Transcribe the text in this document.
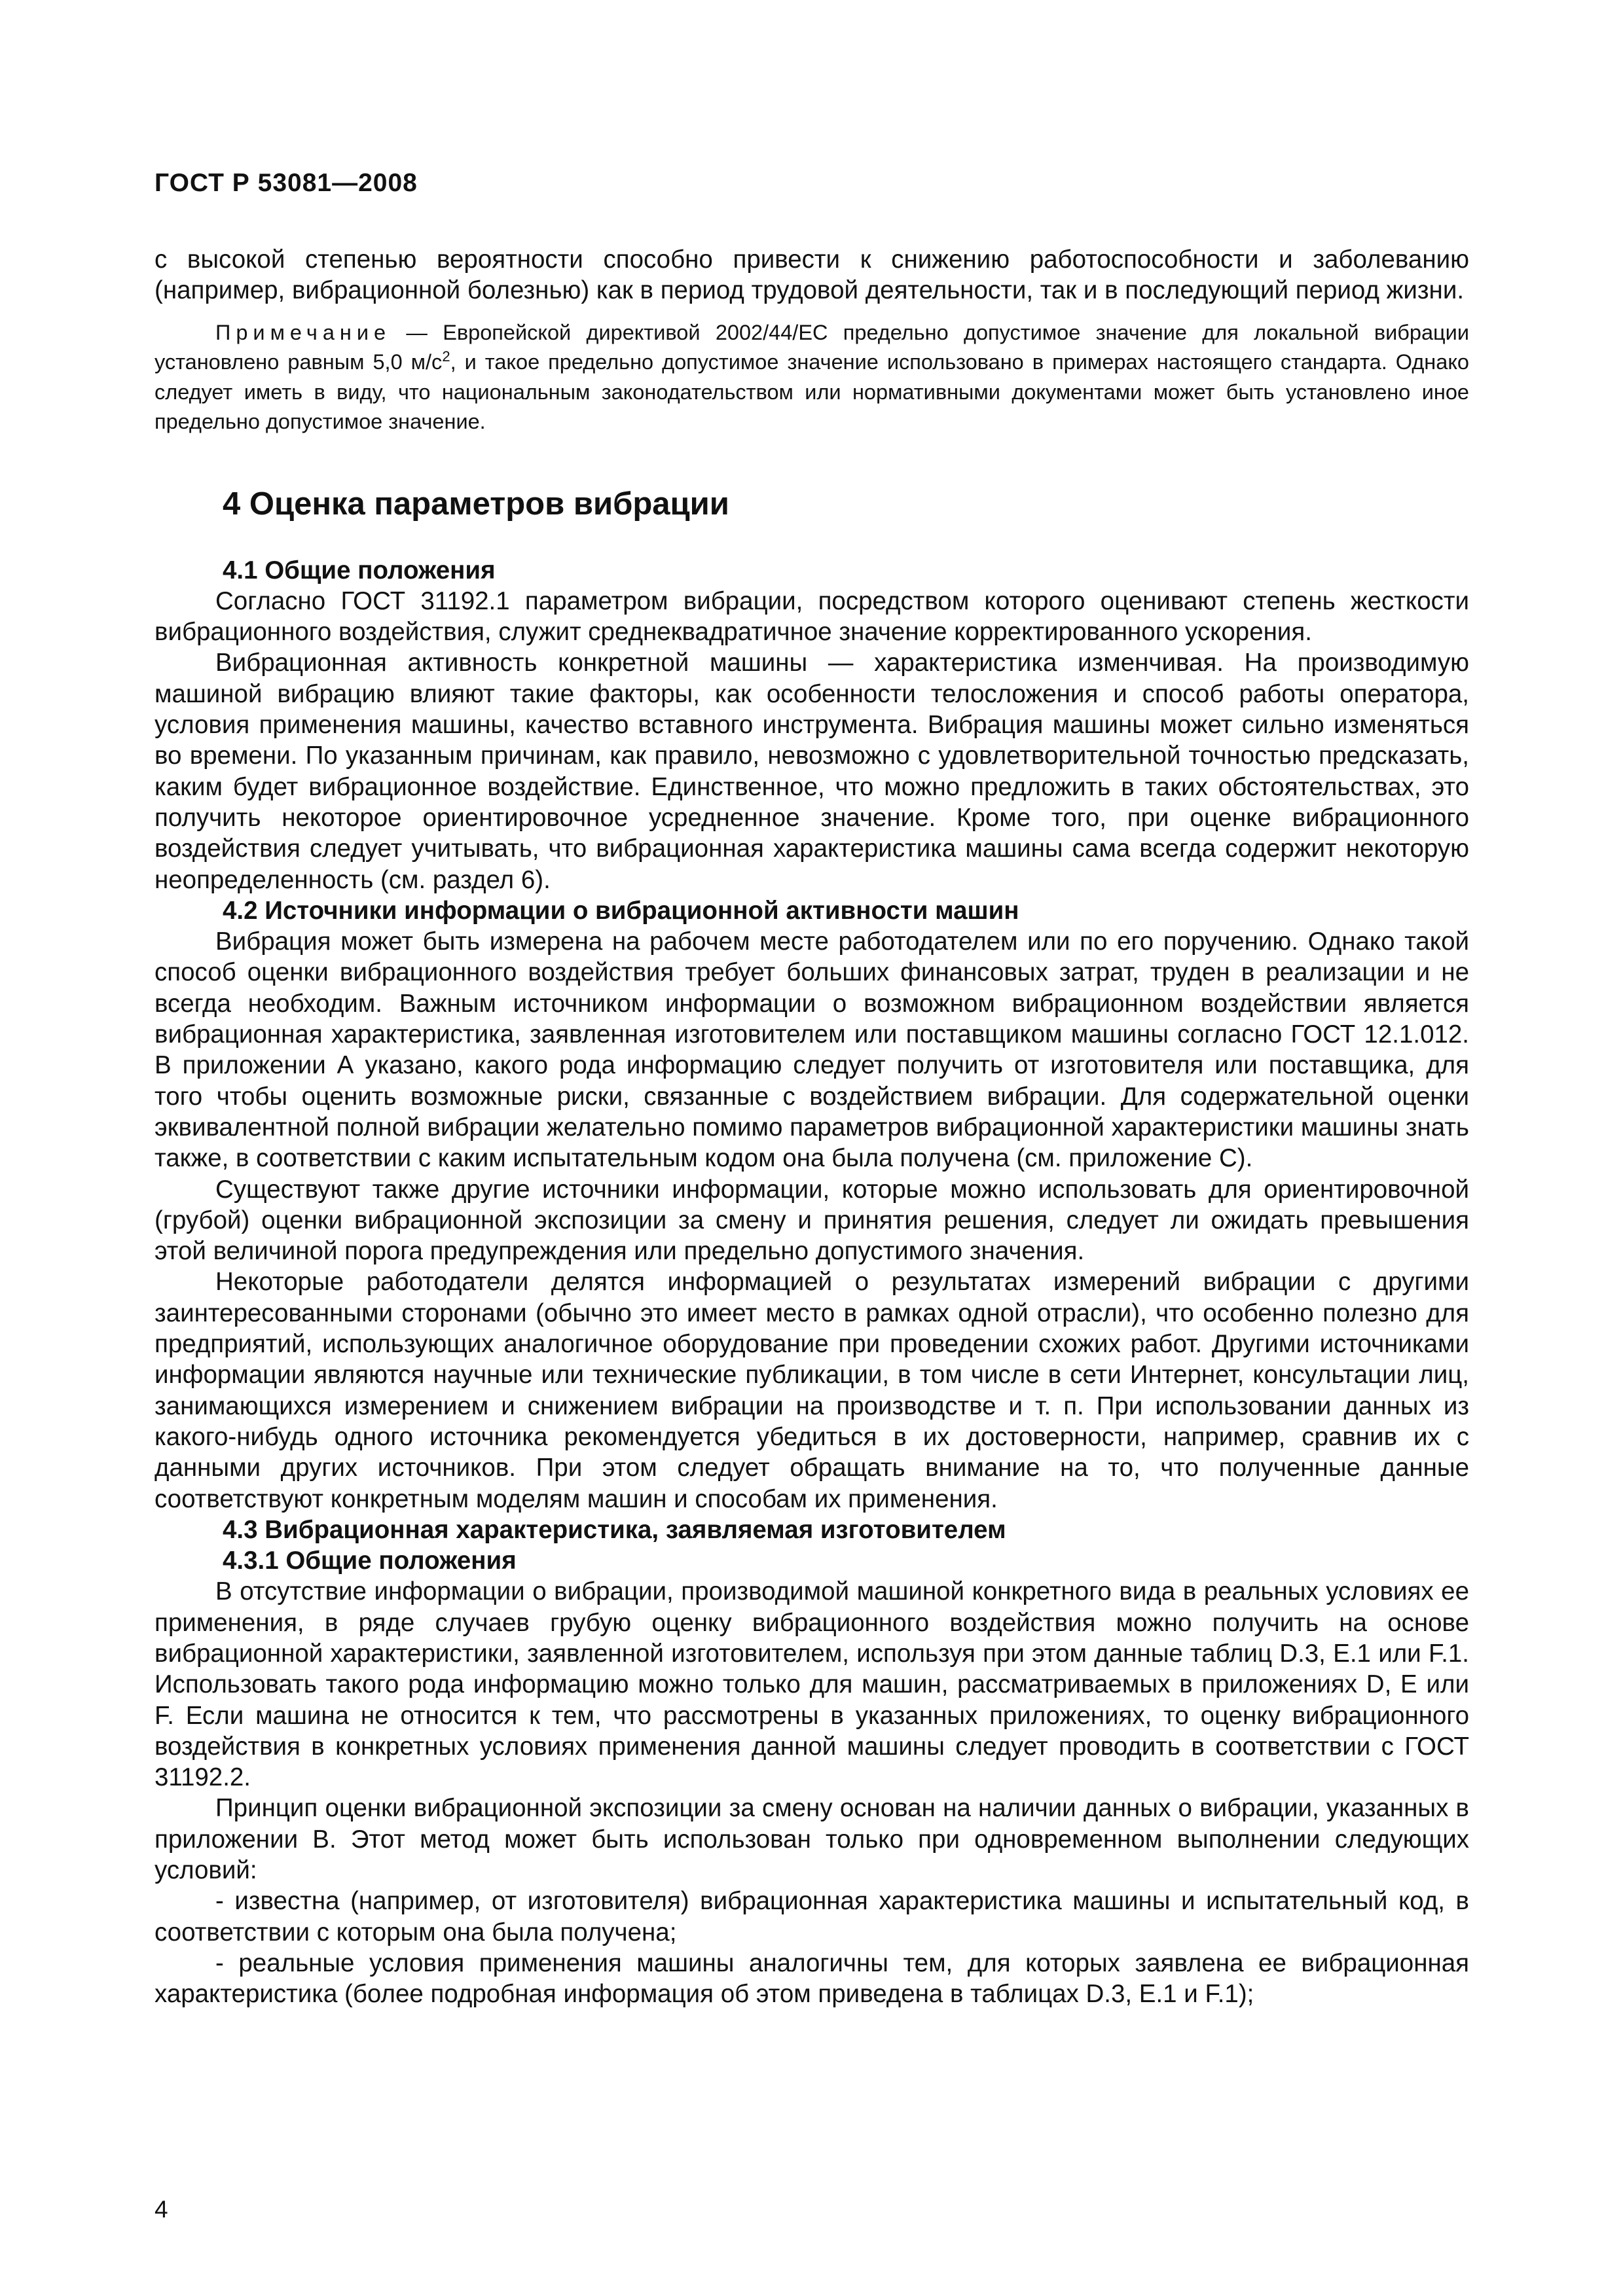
ГОСТ Р 53081—2008

с высокой степенью вероятности способно привести к снижению работоспособности и заболеванию (например, вибрационной болезнью) как в период трудовой деятельности, так и в последующий период жизни.

Примечание — Европейской директивой 2002/44/ЕС предельно допустимое значение для локальной вибрации установлено равным 5,0 $м/с^2$, и такое предельно допустимое значение использовано в примерах настоящего стандарта. Однако следует иметь в виду, что национальным законодательством или нормативными документами может быть установлено иное предельно допустимое значение.

4 Оценка параметров вибрации
4.1 Общие положения

Согласно ГОСТ 31192.1 параметром вибрации, посредством которого оценивают степень жесткости вибрационного воздействия, служит среднеквадратичное значение корректированного ускорения.

Вибрационная активность конкретной машины — характеристика изменчивая. На производимую машиной вибрацию влияют такие факторы, как особенности телосложения и способ работы оператора, условия применения машины, качество вставного инструмента. Вибрация машины может сильно изменяться во времени. По указанным причинам, как правило, невозможно с удовлетворительной точностью предсказать, каким будет вибрационное воздействие. Единственное, что можно предложить в таких обстоятельствах, это получить некоторое ориентировочное усредненное значение. Кроме того, при оценке вибрационного воздействия следует учитывать, что вибрационная характеристика машины сама всегда содержит некоторую неопределенность (см. раздел 6).

4.2 Источники информации о вибрационной активности машин

Вибрация может быть измерена на рабочем месте работодателем или по его поручению. Однако такой способ оценки вибрационного воздействия требует больших финансовых затрат, труден в реализации и не всегда необходим. Важным источником информации о возможном вибрационном воздействии является вибрационная характеристика, заявленная изготовителем или поставщиком машины согласно ГОСТ 12.1.012. В приложении А указано, какого рода информацию следует получить от изготовителя или поставщика, для того чтобы оценить возможные риски, связанные с воздействием вибрации. Для содержательной оценки эквивалентной полной вибрации желательно помимо параметров вибрационной характеристики машины знать также, в соответствии с каким испытательным кодом она была получена (см. приложение С).

Существуют также другие источники информации, которые можно использовать для ориентировочной (грубой) оценки вибрационной экспозиции за смену и принятия решения, следует ли ожидать превышения этой величиной порога предупреждения или предельно допустимого значения.

Некоторые работодатели делятся информацией о результатах измерений вибрации с другими заинтересованными сторонами (обычно это имеет место в рамках одной отрасли), что особенно полезно для предприятий, использующих аналогичное оборудование при проведении схожих работ. Другими источниками информации являются научные или технические публикации, в том числе в сети Интернет, консультации лиц, занимающихся измерением и снижением вибрации на производстве и т. п. При использовании данных из какого-нибудь одного источника рекомендуется убедиться в их достоверности, например, сравнив их с данными других источников. При этом следует обращать внимание на то, что полученные данные соответствуют конкретным моделям машин и способам их применения.

4.3 Вибрационная характеристика, заявляемая изготовителем
4.3.1 Общие положения

В отсутствие информации о вибрации, производимой машиной конкретного вида в реальных условиях ее применения, в ряде случаев грубую оценку вибрационного воздействия можно получить на основе вибрационной характеристики, заявленной изготовителем, используя при этом данные таблиц D.3, Е.1 или F.1. Использовать такого рода информацию можно только для машин, рассматриваемых в приложениях D, Е или F. Если машина не относится к тем, что рассмотрены в указанных приложениях, то оценку вибрационного воздействия в конкретных условиях применения данной машины следует проводить в соответствии с ГОСТ 31192.2.

Принцип оценки вибрационной экспозиции за смену основан на наличии данных о вибрации, указанных в приложении В. Этот метод может быть использован только при одновременном выполнении следующих условий:

- известна (например, от изготовителя) вибрационная характеристика машины и испытательный код, в соответствии с которым она была получена;

- реальные условия применения машины аналогичны тем, для которых заявлена ее вибрационная характеристика (более подробная информация об этом приведена в таблицах D.3, Е.1 и F.1);

4
